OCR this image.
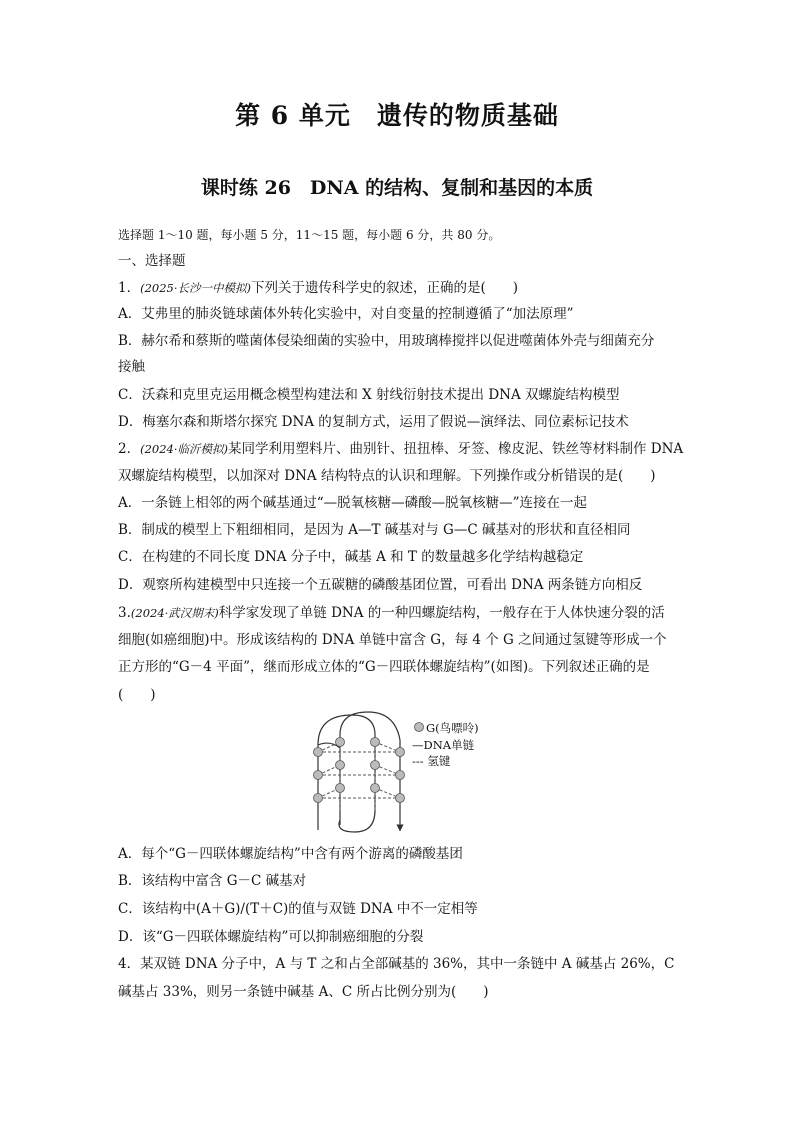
第 6 单元　遗传的物质基础
课时练 26　DNA 的结构、复制和基因的本质
选择题 1～10 题，每小题 5 分，11～15 题，每小题 6 分，共 80 分。
一、选择题
1．(2025·长沙一中模拟)下列关于遗传科学史的叙述，正确的是(　　)
A．艾弗里的肺炎链球菌体外转化实验中，对自变量的控制遵循了“加法原理”
B．赫尔希和蔡斯的噬菌体侵染细菌的实验中，用玻璃棒搅拌以促进噬菌体外壳与细菌充分
接触
C．沃森和克里克运用概念模型构建法和 X 射线衍射技术提出 DNA 双螺旋结构模型
D．梅塞尔森和斯塔尔探究 DNA 的复制方式，运用了假说—演绎法、同位素标记技术
2．(2024·临沂模拟)某同学利用塑料片、曲别针、扭扭棒、牙签、橡皮泥、铁丝等材料制作 DNA
双螺旋结构模型，以加深对 DNA 结构特点的认识和理解。下列操作或分析错误的是(　　)
A．一条链上相邻的两个碱基通过“—脱氧核糖—磷酸—脱氧核糖—”连接在一起
B．制成的模型上下粗细相同，是因为 A—T 碱基对与 G—C 碱基对的形状和直径相同
C．在构建的不同长度 DNA 分子中，碱基 A 和 T 的数量越多化学结构越稳定
D．观察所构建模型中只连接一个五碳糖的磷酸基团位置，可看出 DNA 两条链方向相反
3.(2024·武汉期末)科学家发现了单链 DNA 的一种四螺旋结构，一般存在于人体快速分裂的活
细胞(如癌细胞)中。形成该结构的 DNA 单链中富含 G，每 4 个 G 之间通过氢键等形成一个
正方形的“G－4 平面”，继而形成立体的“G－四联体螺旋结构”(如图)。下列叙述正确的是
(　　)
G(鸟嘌呤)
—DNA单链
--- 氢键
A．每个“G－四联体螺旋结构”中含有两个游离的磷酸基团
B．该结构中富含 G－C 碱基对
C．该结构中(A＋G)/(T＋C)的值与双链 DNA 中不一定相等
D．该“G－四联体螺旋结构”可以抑制癌细胞的分裂
4．某双链 DNA 分子中，A 与 T 之和占全部碱基的 36%，其中一条链中 A 碱基占 26%，C
碱基占 33%，则另一条链中碱基 A、C 所占比例分别为(　　)
